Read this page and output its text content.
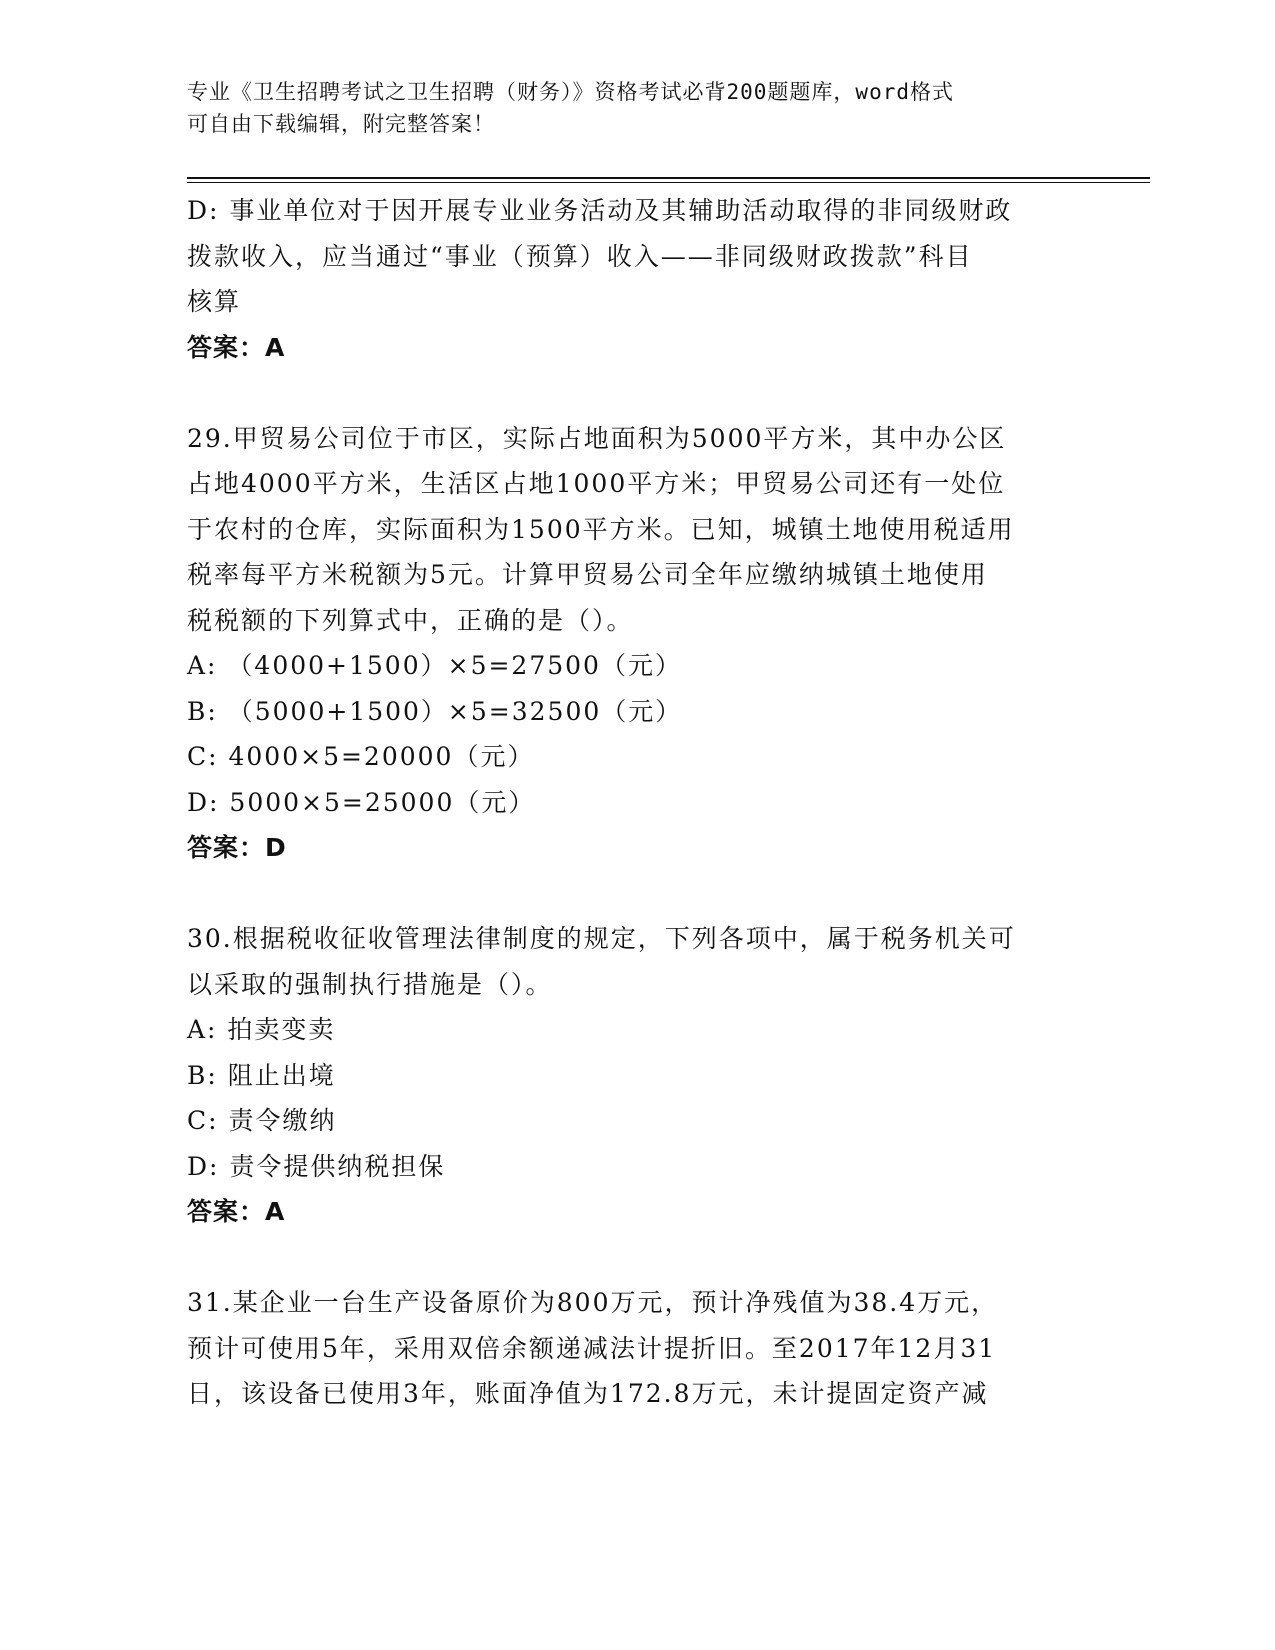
专业《卫生招聘考试之卫生招聘（财务）》资格考试必背200题题库，word格式
可自由下载编辑，附完整答案！
D: 事业单位对于因开展专业业务活动及其辅助活动取得的非同级财政
拨款收入，应当通过“事业（预算）收入——非同级财政拨款”科目
核算
答案：A
29.甲贸易公司位于市区，实际占地面积为5000平方米，其中办公区
占地4000平方米，生活区占地1000平方米；甲贸易公司还有一处位
于农村的仓库，实际面积为1500平方米。已知，城镇土地使用税适用
税率每平方米税额为5元。计算甲贸易公司全年应缴纳城镇土地使用
税税额的下列算式中，正确的是（）。
A: （4000+1500）×5=27500（元）
B: （5000+1500）×5=32500（元）
C: 4000×5=20000（元）
D: 5000×5=25000（元）
答案：D
30.根据税收征收管理法律制度的规定，下列各项中，属于税务机关可
以采取的强制执行措施是（）。
A: 拍卖变卖
B: 阻止出境
C: 责令缴纳
D: 责令提供纳税担保
答案：A
31.某企业一台生产设备原价为800万元，预计净残值为38.4万元，
预计可使用5年，采用双倍余额递减法计提折旧。至2017年12月31
日，该设备已使用3年，账面净值为172.8万元，未计提固定资产减
